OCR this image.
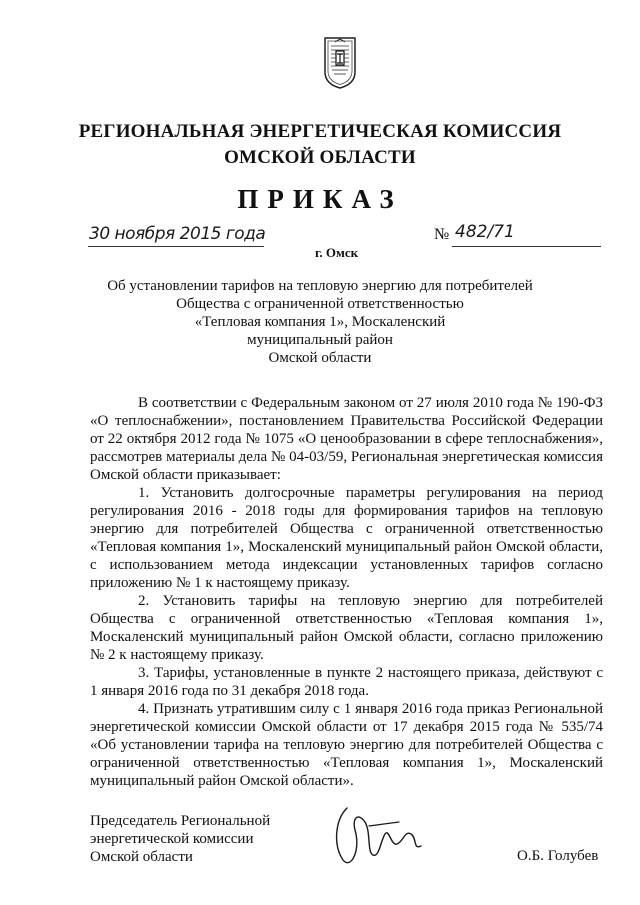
РЕГИОНАЛЬНАЯ ЭНЕРГЕТИЧЕСКАЯ КОМИССИЯ
ОМСКОЙ ОБЛАСТИ
ПРИКАЗ
30 ноября 2015 года
г. Омск
№ 482/71
Об установлении тарифов на тепловую энергию для потребителей
Общества с ограниченной ответственностью
«Тепловая компания 1», Москаленский
муниципальный район
Омской области

В соответствии с Федеральным законом от 27 июля 2010 года № 190-ФЗ «О теплоснабжении», постановлением Правительства Российской Федерации от 22 октября 2012 года № 1075 «О ценообразовании в сфере теплоснабжения», рассмотрев материалы дела № 04-03/59, Региональная энергетическая комиссия Омской области приказывает:

1. Установить долгосрочные параметры регулирования на период регулирования 2016 - 2018 годы для формирования тарифов на тепловую энергию для потребителей Общества с ограниченной ответственностью «Тепловая компания 1», Москаленский муниципальный район Омской области, с использованием метода индексации установленных тарифов согласно приложению № 1 к настоящему приказу.

2. Установить тарифы на тепловую энергию для потребителей Общества с ограниченной ответственностью «Тепловая компания 1», Москаленский муниципальный район Омской области, согласно приложению № 2 к настоящему приказу.

3. Тарифы, установленные в пункте 2 настоящего приказа, действуют с 1 января 2016 года по 31 декабря 2018 года.

4. Признать утратившим силу с 1 января 2016 года приказ Региональной энергетической комиссии Омской области от 17 декабря 2015 года № 535/74 «Об установлении тарифа на тепловую энергию для потребителей Общества с ограниченной ответственностью «Тепловая компания 1», Москаленский муниципальный район Омской области».

Председатель Региональной
энергетической комиссии
Омской области	О.Б. Голубев
